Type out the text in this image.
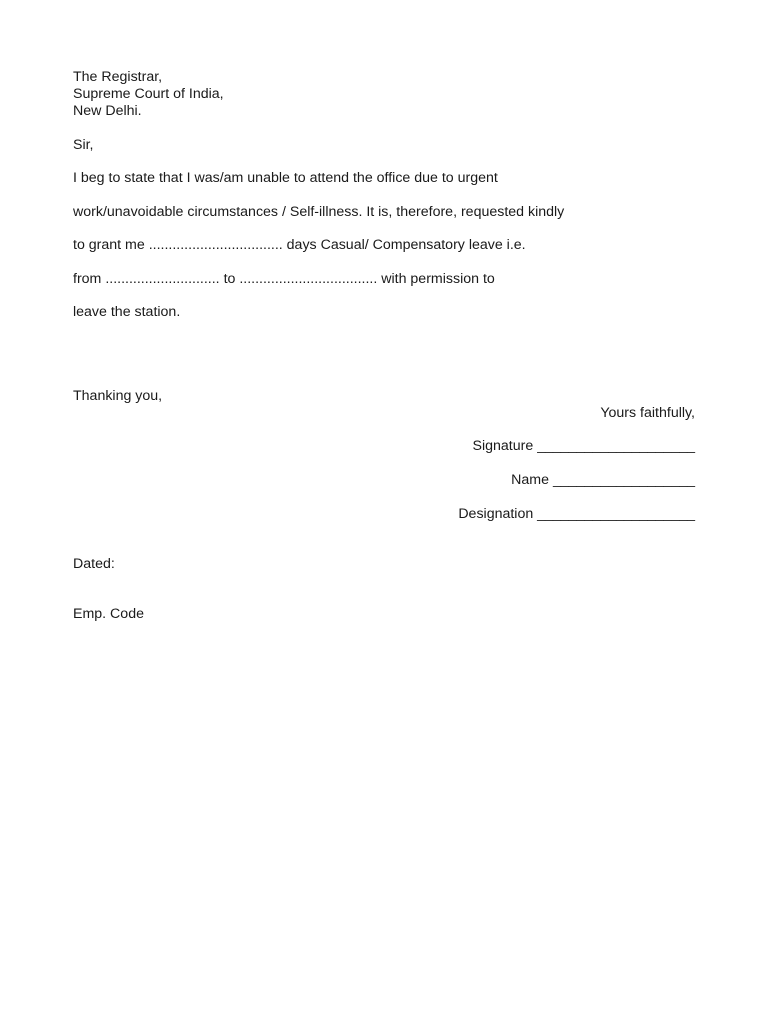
The Registrar,
Supreme Court of India,
New Delhi.
Sir,
I beg to state that I was/am unable to attend the office due to urgent
work/unavoidable circumstances / Self-illness. It is, therefore, requested kindly
to grant me .................................. days Casual/ Compensatory leave i.e.
from ............................. to ................................... with permission to
leave the station.
Thanking you,
Yours faithfully,
Signature ____________________
Name __________________
Designation ____________________
Dated:
Emp. Code
